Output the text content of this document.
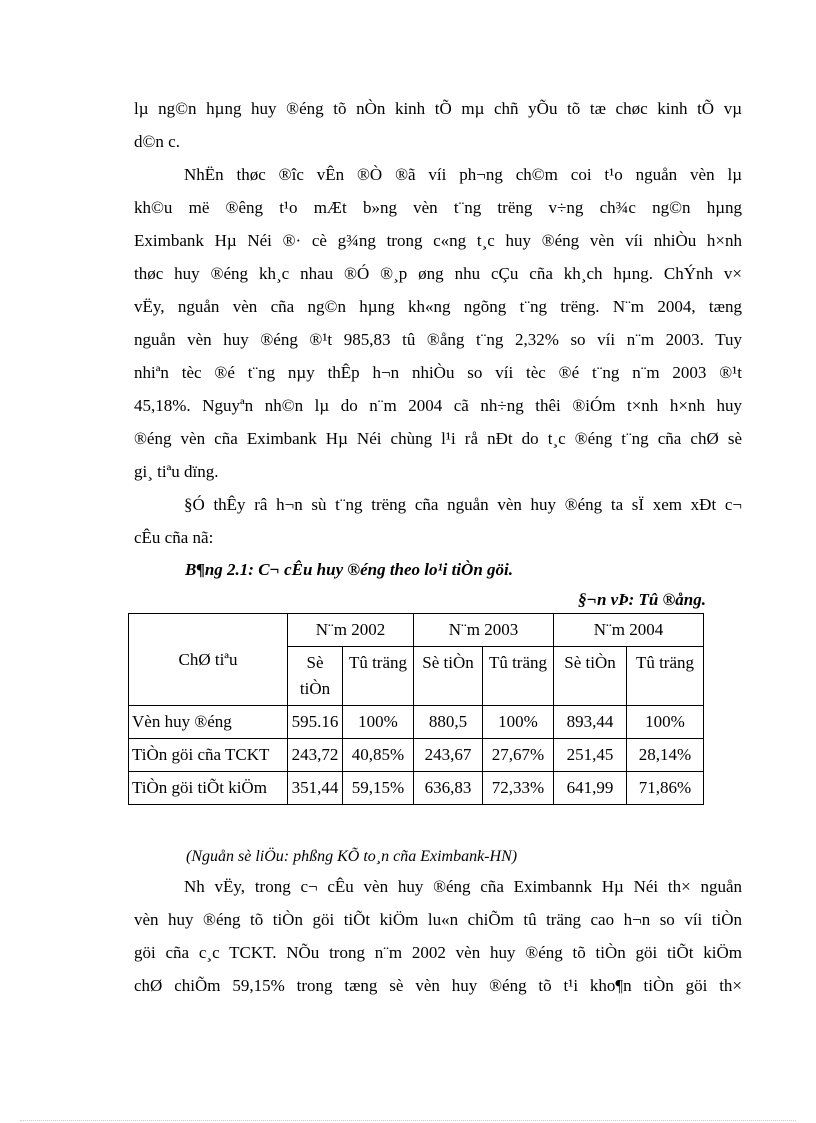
lµ ng©n hµng huy ®éng tõ nÒn kinh tÕ mµ chñ yÕu tõ tæ chøc kinh tÕ vµ
d©n c.
NhËn thøc ®îc vÊn ®Ò ®ã víi ph¬ng ch©m coi t¹o nguån vèn lµ
kh©u më ®êng t¹o mÆt b»ng vèn t¨ng trëng v÷ng ch¾c ng©n hµng
Eximbank Hµ Néi ®· cè g¾ng trong c«ng t¸c huy ®éng vèn víi nhiÒu h×nh
thøc huy ®éng kh¸c nhau ®Ó ®¸p øng nhu cÇu cña kh¸ch hµng. ChÝnh v×
vËy, nguån vèn cña ng©n hµng kh«ng ngõng t¨ng trëng. N¨m 2004, tæng
nguån vèn huy ®éng ®¹t 985,83 tû ®ång t¨ng 2,32% so víi n¨m 2003. Tuy
nhiªn tèc ®é t¨ng nµy thÊp h¬n nhiÒu so víi tèc ®é t¨ng n¨m 2003 ®¹t
45,18%. Nguyªn nh©n lµ do n¨m 2004 cã nh÷ng thêi ®iÓm t×nh h×nh huy
®éng vèn cña Eximbank Hµ Néi chùng l¹i rå nÐt do t¸c ®éng t¨ng cña chØ sè
gi¸ tiªu dïng.
§Ó thÊy râ h¬n sù t¨ng trëng cña nguån vèn huy ®éng ta sÏ xem xÐt c¬
cÊu cña nã:
B¶ng 2.1: C¬ cÊu huy ®éng theo lo¹i tiÒn göi.
§¬n vÞ: Tû ®ång.
ChØ tiªu	N¨m 2002		N¨m 2003		N¨m 2004	
	Sè tiÒn	Tû träng	Sè tiÒn	Tû träng	Sè tiÒn	Tû träng
Vèn huy ®éng	595.16	100%	880,5	100%	893,44	100%
TiÒn göi cña TCKT	243,72	40,85%	243,67	27,67%	251,45	28,14%
TiÒn göi tiÕt kiÖm	351,44	59,15%	636,83	72,33%	641,99	71,86%
(Nguån sè liÖu: phßng KÕ to¸n cña Eximbank-HN)
Nh vËy, trong c¬ cÊu vèn huy ®éng cña Eximbannk Hµ Néi th× nguån
vèn huy ®éng tõ tiÒn göi tiÕt kiÖm lu«n chiÕm tû träng cao h¬n so víi tiÒn
göi cña c¸c TCKT. NÕu trong n¨m 2002 vèn huy ®éng tõ tiÒn göi tiÕt kiÖm
chØ chiÕm 59,15% trong tæng sè vèn huy ®éng tõ t¹i kho¶n tiÒn göi th×
